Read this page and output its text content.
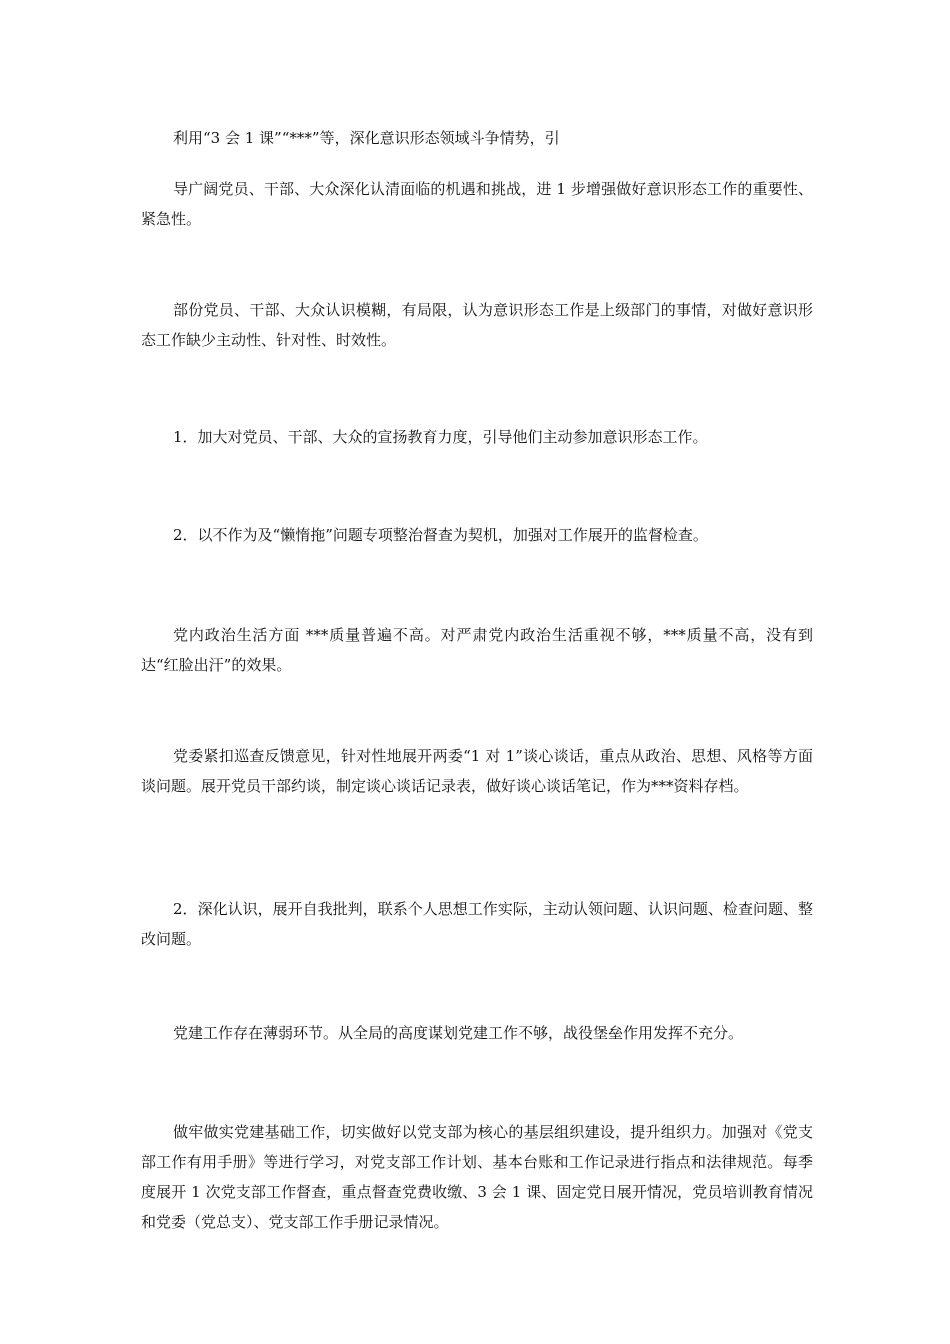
利用“3 会 1 课”“***”等，深化意识形态领域斗争情势，引

导广阔党员、干部、大众深化认清面临的机遇和挑战，进 1 步增强做好意识形态工作的重要性、紧急性。

部份党员、干部、大众认识模糊，有局限，认为意识形态工作是上级部门的事情，对做好意识形态工作缺少主动性、针对性、时效性。

1．加大对党员、干部、大众的宣扬教育力度，引导他们主动参加意识形态工作。

2．以不作为及“懒惰拖”问题专项整治督查为契机，加强对工作展开的监督检查。

党内政治生活方面 ***质量普遍不高。对严肃党内政治生活重视不够，***质量不高，没有到达“红脸出汗”的效果。

党委紧扣巡查反馈意见，针对性地展开两委“1 对 1”谈心谈话，重点从政治、思想、风格等方面谈问题。展开党员干部约谈，制定谈心谈话记录表，做好谈心谈话笔记，作为***资料存档。

2．深化认识，展开自我批判，联系个人思想工作实际，主动认领问题、认识问题、检查问题、整改问题。

党建工作存在薄弱环节。从全局的高度谋划党建工作不够，战役堡垒作用发挥不充分。

做牢做实党建基础工作，切实做好以党支部为核心的基层组织建设，提升组织力。加强对《党支部工作有用手册》等进行学习，对党支部工作计划、基本台账和工作记录进行指点和法律规范。每季度展开 1 次党支部工作督查，重点督查党费收缴、3 会 1 课、固定党日展开情况，党员培训教育情况和党委（党总支）、党支部工作手册记录情况。
